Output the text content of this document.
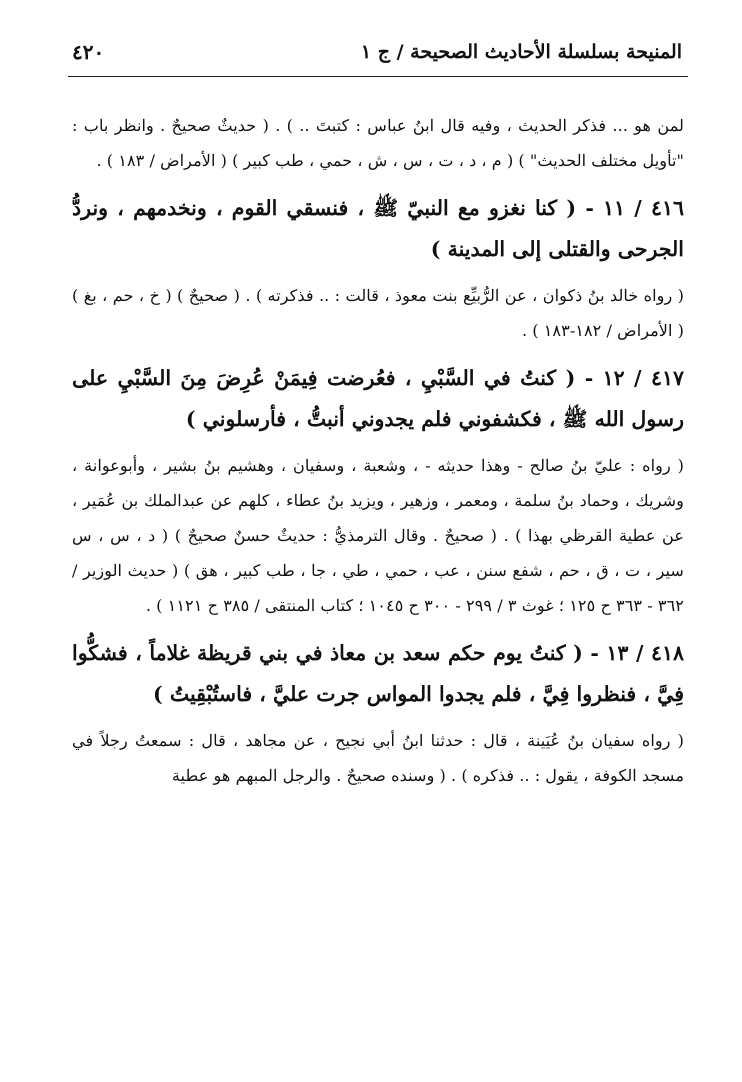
المنيحة بسلسلة الأحاديث الصحيحة / ج ١
٤٢٠

لمن هو ... فذكر الحديث ، وفيه قال ابنُ عباس : كتبتَ .. ) . ( حديثٌ صحيحٌ . وانظر باب : "تأويل مختلف الحديث" ) ( م ، د ، ت ، س ، ش ، حمي ، طب كبير ) ( الأمراض / ١٨٣ ) .

٤١٦ / ١١ - ( كنا نغزو مع النبيّ ﷺ ، فنسقي القوم ، ونخدمهم ، ونردُّ الجرحى والقتلى إلى المدينة )

( رواه خالد بنُ ذكوان ، عن الرُّبيِّع بنت معوذ ، قالت : .. فذكرته ) . ( صحيحٌ ) ( خ ، حم ، بغ ) ( الأمراض / ١٨٢-١٨٣ ) .

٤١٧ / ١٢ - ( كنتُ في السَّبْيِ ، فعُرضت فِيمَنْ عُرِضَ مِنَ السَّبْيِ على رسول الله ﷺ ، فكشفوني فلم يجدوني أنبتُّ ، فأرسلوني )

( رواه : عليّ بنُ صالح - وهذا حديثه - ، وشعبة ، وسفيان ، وهشيم بنُ بشير ، وأبوعوانة ، وشريك ، وحماد بنُ سلمة ، ومعمر ، وزهير ، ويزيد بنُ عطاء ، كلهم عن عبدالملك بن عُمَير ، عن عطية القرظي بهذا ) . ( صحيحٌ . وقال الترمذيُّ : حديثٌ حسنٌ صحيحٌ ) ( د ، س ، س سير ، ت ، ق ، حم ، شفع سنن ، عب ، حمي ، طي ، جا ، طب كبير ، هق ) ( حديث الوزير / ٣٦٢ - ٣٦٣ ح ١٢٥ ؛ غوث ٣ / ٢٩٩ - ٣٠٠ ح ١٠٤٥ ؛ كتاب المنتقى / ٣٨٥ ح ١١٢١ ) .

٤١٨ / ١٣ - ( كنتُ يوم حكم سعد بن معاذ في بني قريظة غلاماً ، فشكُّوا فِيَّ ، فنظروا فِيَّ ، فلم يجدوا المواس جرت عليَّ ، فاستُبْقِيتُ )

( رواه سفيان بنُ عُيَينة ، قال : حدثنا ابنُ أبي نجيح ، عن مجاهد ، قال : سمعتُ رجلاً في مسجد الكوفة ، يقول : .. فذكره ) . ( وسنده صحيحٌ . والرجل المبهم هو عطية
